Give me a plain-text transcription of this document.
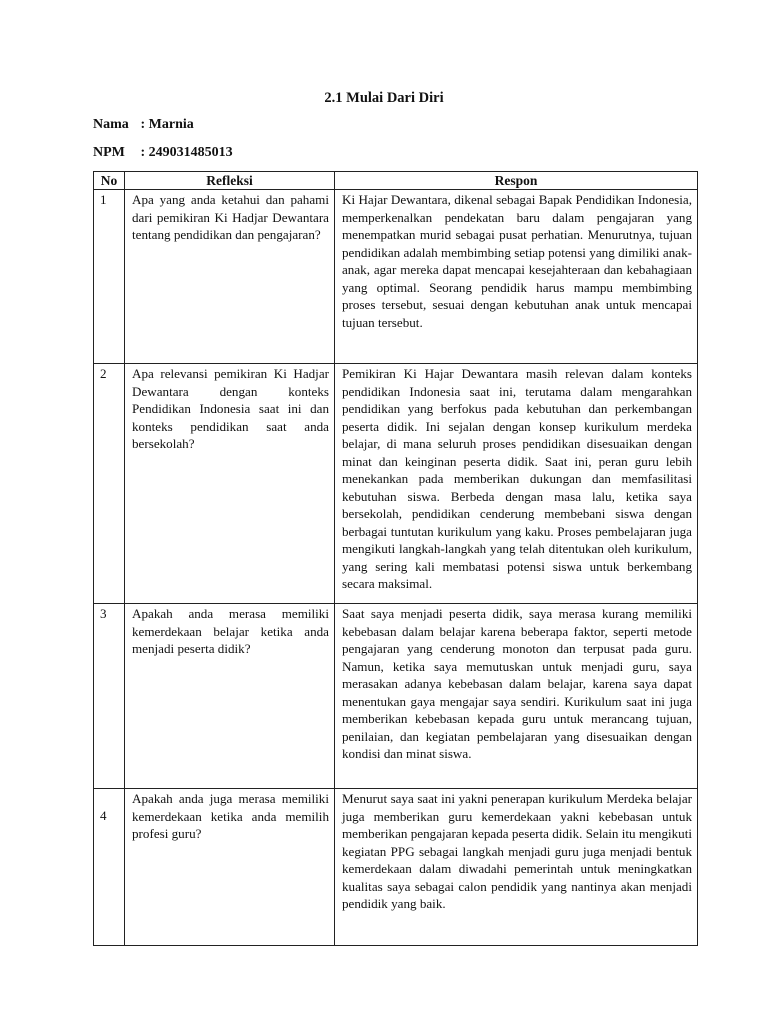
2.1 Mulai Dari Diri
Nama : Marnia
NPM : 249031485013
No	Refleksi	Respon
1	Apa yang anda ketahui dan pahami dari pemikiran Ki Hadjar Dewantara tentang pendidikan dan pengajaran?	Ki Hajar Dewantara, dikenal sebagai Bapak Pendidikan Indonesia, memperkenalkan pendekatan baru dalam pengajaran yang menempatkan murid sebagai pusat perhatian. Menurutnya, tujuan pendidikan adalah membimbing setiap potensi yang dimiliki anak-anak, agar mereka dapat mencapai kesejahteraan dan kebahagiaan yang optimal. Seorang pendidik harus mampu membimbing proses tersebut, sesuai dengan kebutuhan anak untuk mencapai tujuan tersebut.
2	Apa relevansi pemikiran Ki Hadjar Dewantara dengan konteks Pendidikan Indonesia saat ini dan konteks pendidikan saat anda bersekolah?	Pemikiran Ki Hajar Dewantara masih relevan dalam konteks pendidikan Indonesia saat ini, terutama dalam mengarahkan pendidikan yang berfokus pada kebutuhan dan perkembangan peserta didik. Ini sejalan dengan konsep kurikulum merdeka belajar, di mana seluruh proses pendidikan disesuaikan dengan minat dan keinginan peserta didik. Saat ini, peran guru lebih menekankan pada memberikan dukungan dan memfasilitasi kebutuhan siswa. Berbeda dengan masa lalu, ketika saya bersekolah, pendidikan cenderung membebani siswa dengan berbagai tuntutan kurikulum yang kaku. Proses pembelajaran juga mengikuti langkah-langkah yang telah ditentukan oleh kurikulum, yang sering kali membatasi potensi siswa untuk berkembang secara maksimal.
3	Apakah anda merasa memiliki kemerdekaan belajar ketika anda menjadi peserta didik?	Saat saya menjadi peserta didik, saya merasa kurang memiliki kebebasan dalam belajar karena beberapa faktor, seperti metode pengajaran yang cenderung monoton dan terpusat pada guru. Namun, ketika saya memutuskan untuk menjadi guru, saya merasakan adanya kebebasan dalam belajar, karena saya dapat menentukan gaya mengajar saya sendiri. Kurikulum saat ini juga memberikan kebebasan kepada guru untuk merancang tujuan, penilaian, dan kegiatan pembelajaran yang disesuaikan dengan kondisi dan minat siswa.
4	Apakah anda juga merasa memiliki kemerdekaan ketika anda memilih profesi guru?	Menurut saya saat ini yakni penerapan kurikulum Merdeka belajar juga memberikan guru kemerdekaan yakni kebebasan untuk memberikan pengajaran kepada peserta didik. Selain itu mengikuti kegiatan PPG sebagai langkah menjadi guru juga menjadi bentuk kemerdekaan dalam diwadahi pemerintah untuk meningkatkan kualitas saya sebagai calon pendidik yang nantinya akan menjadi pendidik yang baik.
